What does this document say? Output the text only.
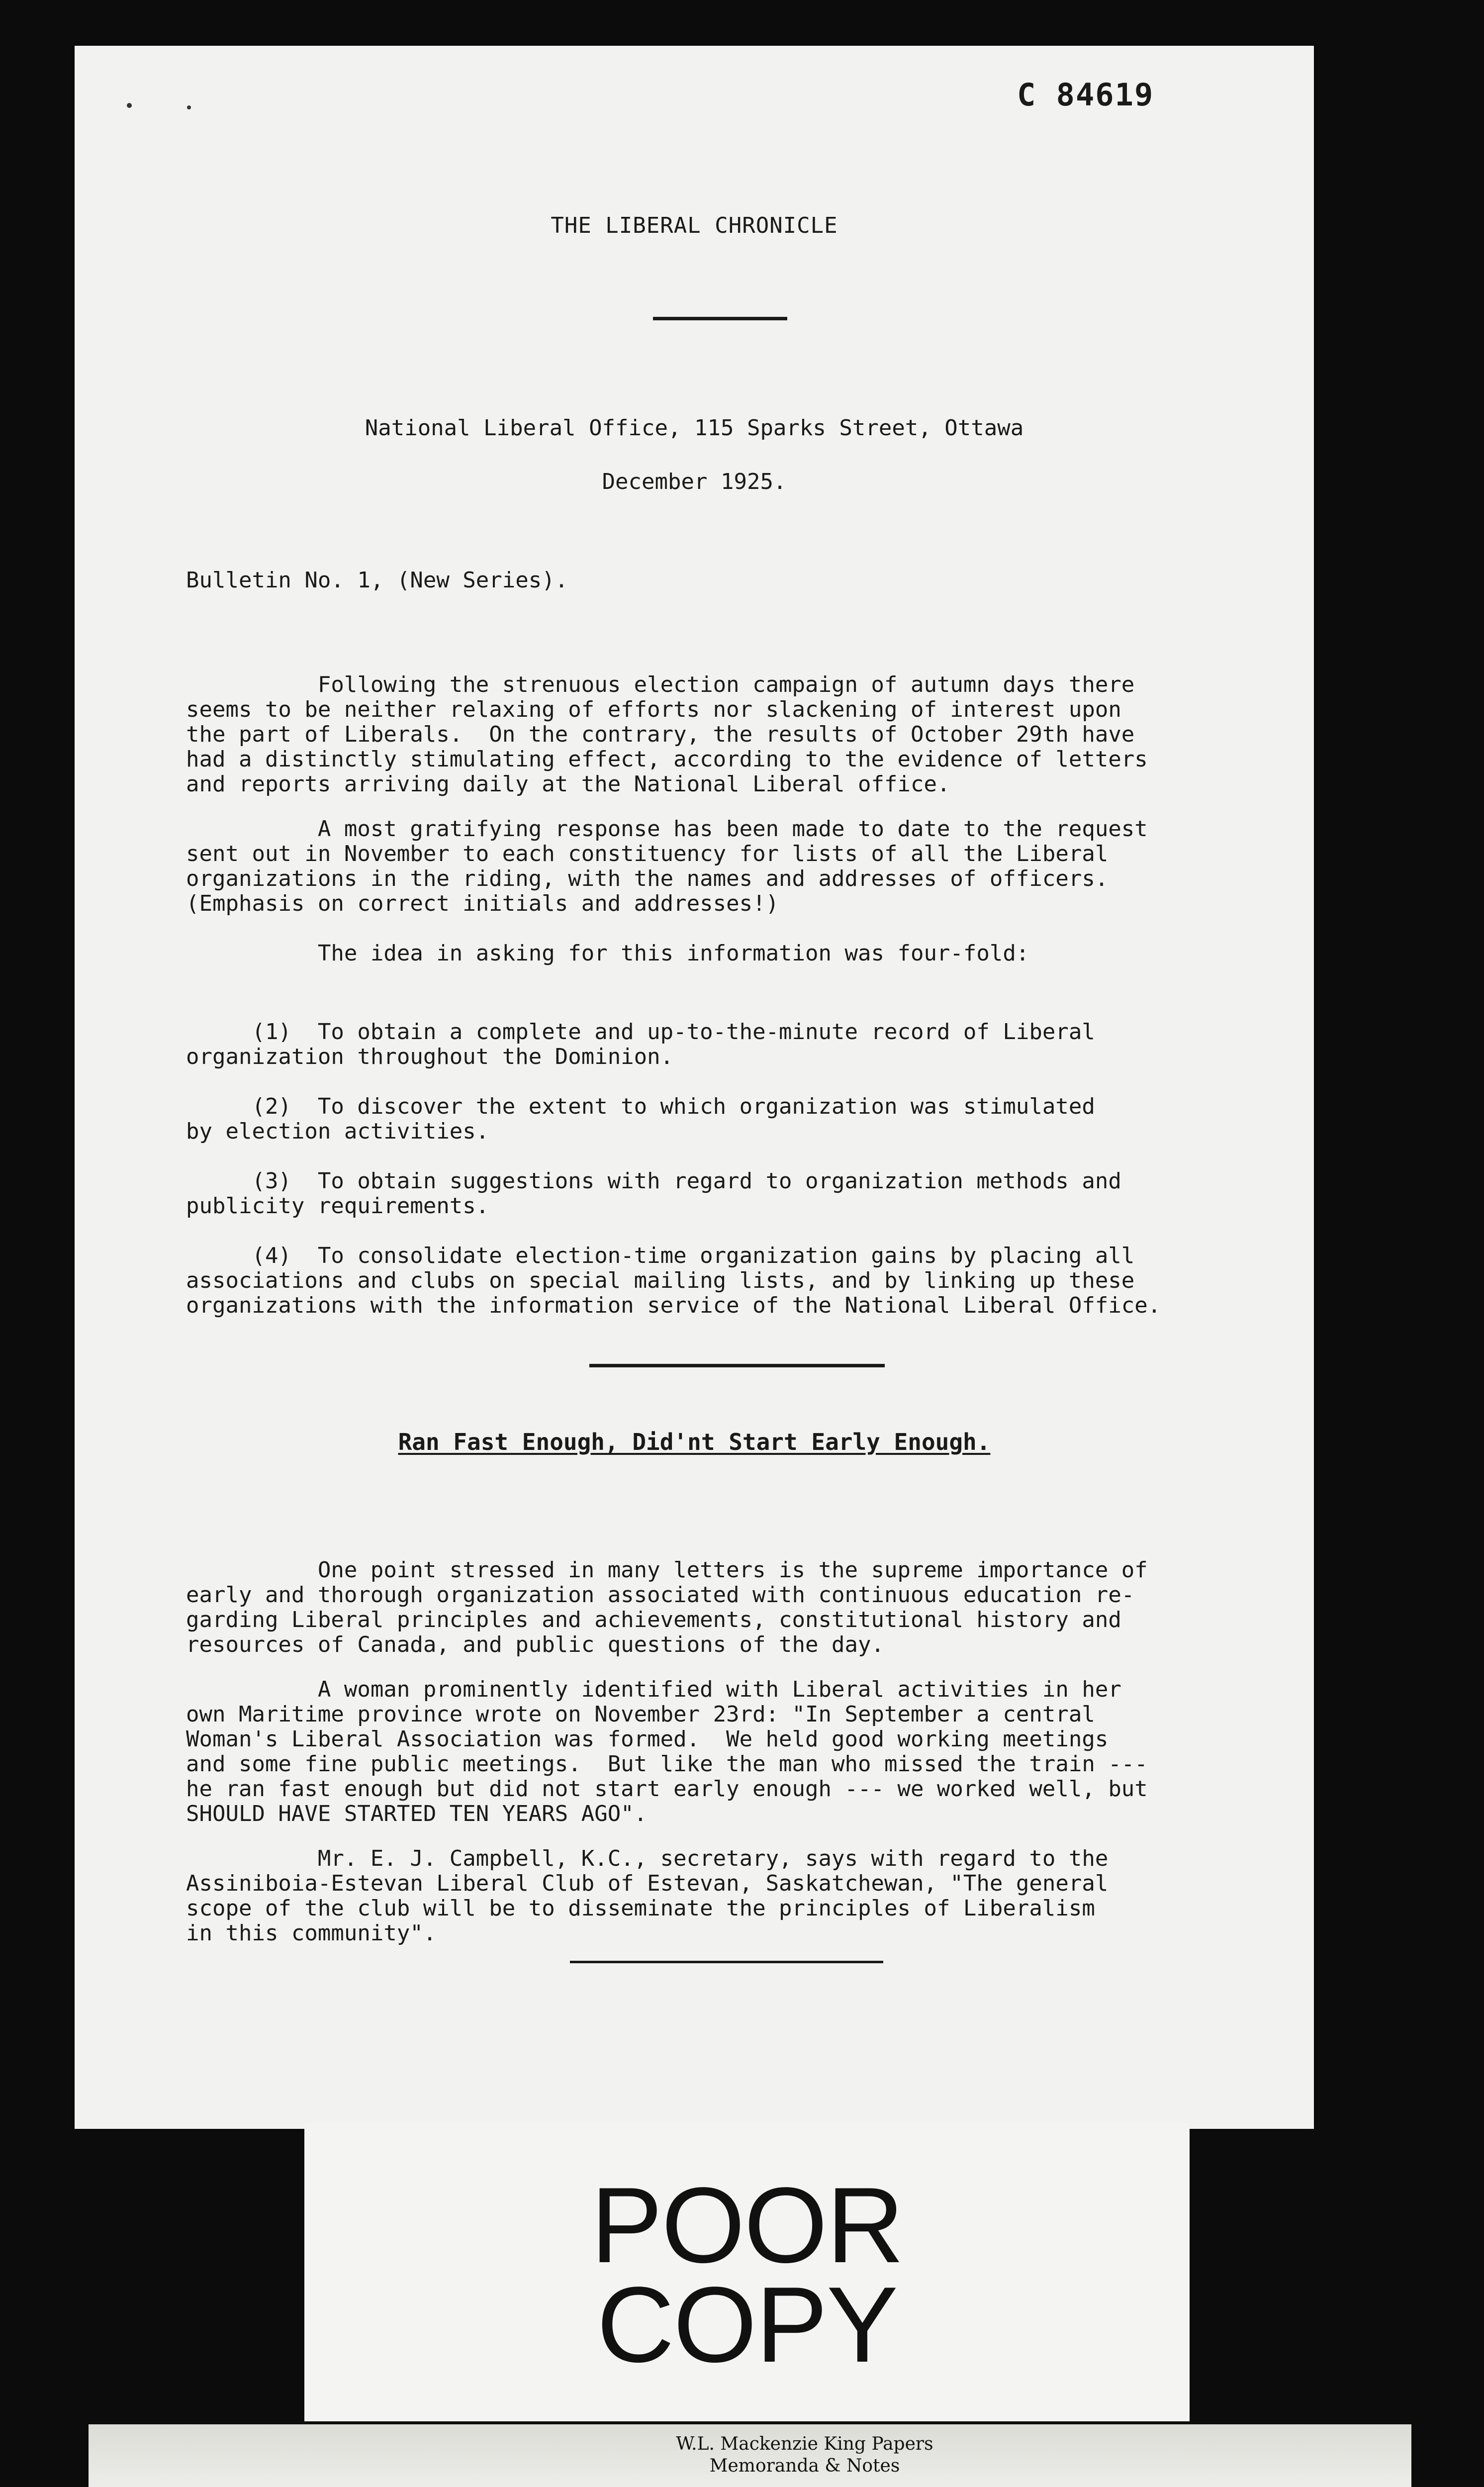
C 84619

THE LIBERAL CHRONICLE

National Liberal Office, 115 Sparks Street, Ottawa

December 1925.

Bulletin No. 1, (New Series).

Following the strenuous election campaign of autumn days there

seems to be neither relaxing of efforts nor slackening of interest upon

the part of Liberals.  On the contrary, the results of October 29th have

had a distinctly stimulating effect, according to the evidence of letters

and reports arriving daily at the National Liberal office.

A most gratifying response has been made to date to the request

sent out in November to each constituency for lists of all the Liberal

organizations in the riding, with the names and addresses of officers.

(Emphasis on correct initials and addresses!)

The idea in asking for this information was four-fold:

(1)  To obtain a complete and up-to-the-minute record of Liberal

organization throughout the Dominion.

(2)  To discover the extent to which organization was stimulated

by election activities.

(3)  To obtain suggestions with regard to organization methods and

publicity requirements.

(4)  To consolidate election-time organization gains by placing all

associations and clubs on special mailing lists, and by linking up these

organizations with the information service of the National Liberal Office.

Ran Fast Enough, Did'nt Start Early Enough.

One point stressed in many letters is the supreme importance of

early and thorough organization associated with continuous education re-

garding Liberal principles and achievements, constitutional history and

resources of Canada, and public questions of the day.

A woman prominently identified with Liberal activities in her

own Maritime province wrote on November 23rd: "In September a central

Woman's Liberal Association was formed.  We held good working meetings

and some fine public meetings.  But like the man who missed the train ---

he ran fast enough but did not start early enough --- we worked well, but

SHOULD HAVE STARTED TEN YEARS AGO".

Mr. E. J. Campbell, K.C., secretary, says with regard to the

Assiniboia-Estevan Liberal Club of Estevan, Saskatchewan, "The general

scope of the club will be to disseminate the principles of Liberalism

in this community".

POOR
COPY
W.L. Mackenzie King Papers
Memoranda & Notes
